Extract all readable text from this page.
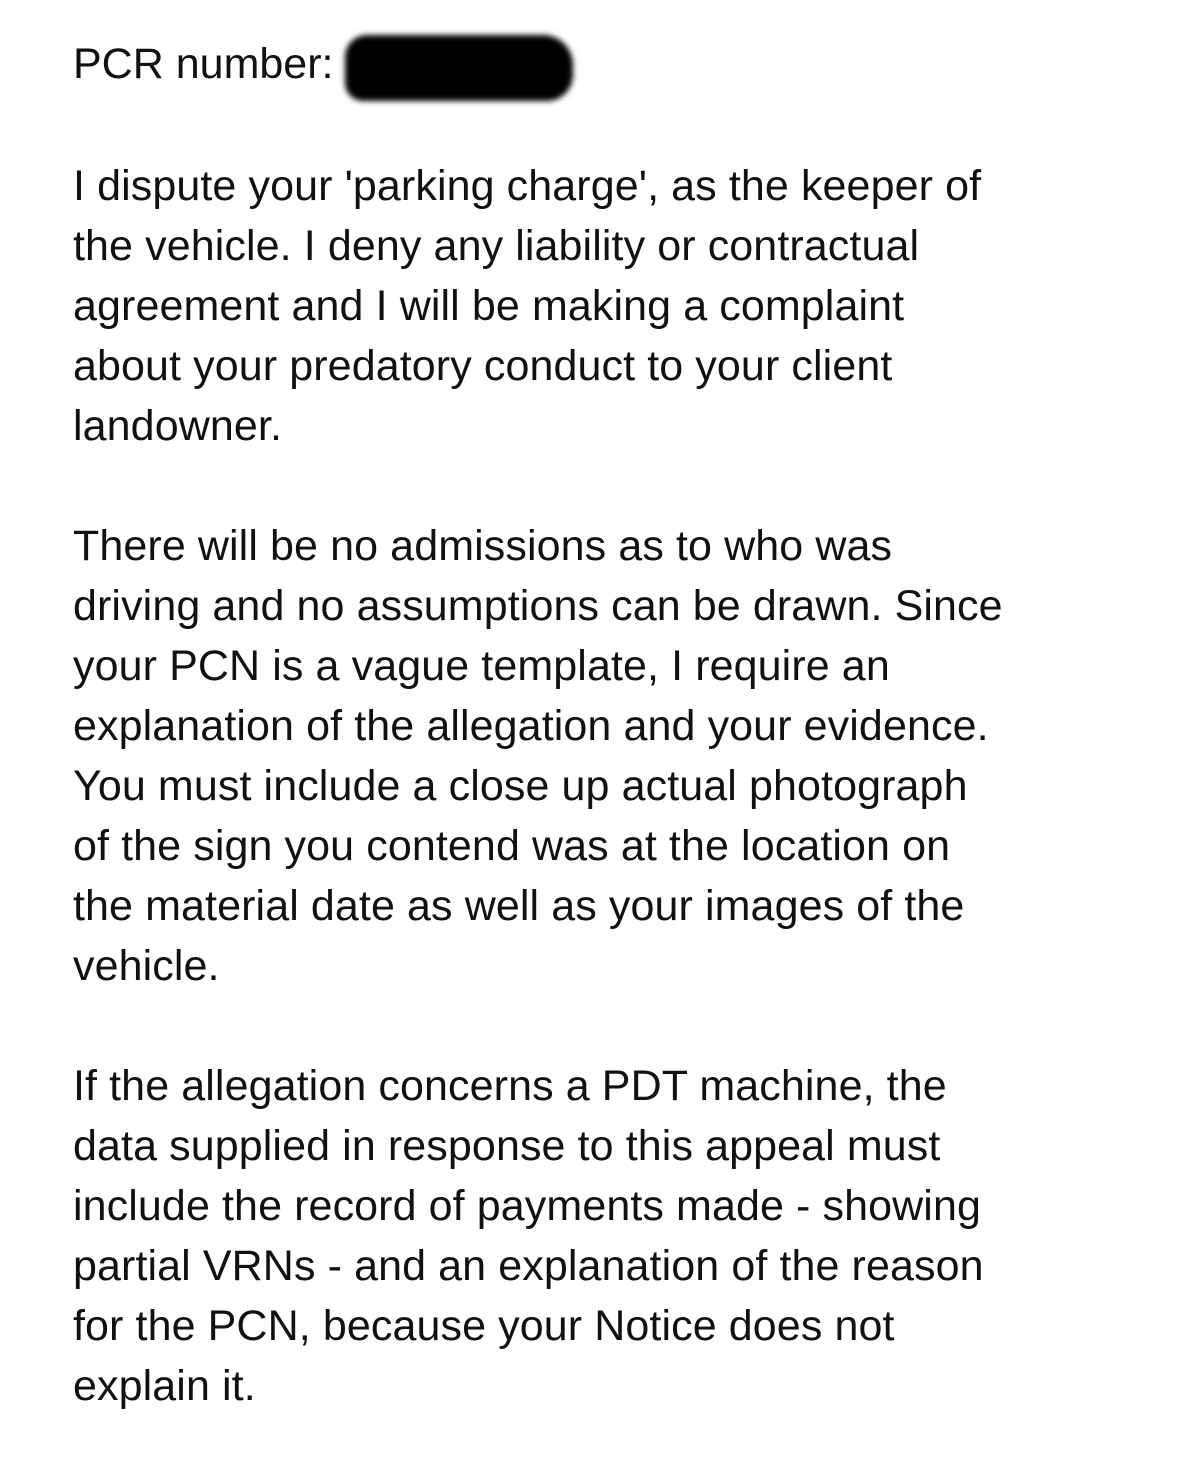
PCR number:
I dispute your 'parking charge', as the keeper of
the vehicle. I deny any liability or contractual
agreement and I will be making a complaint
about your predatory conduct to your client
landowner.
There will be no admissions as to who was
driving and no assumptions can be drawn. Since
your PCN is a vague template, I require an
explanation of the allegation and your evidence.
You must include a close up actual photograph
of the sign you contend was at the location on
the material date as well as your images of the
vehicle.
If the allegation concerns a PDT machine, the
data supplied in response to this appeal must
include the record of payments made - showing
partial VRNs - and an explanation of the reason
for the PCN, because your Notice does not
explain it.
